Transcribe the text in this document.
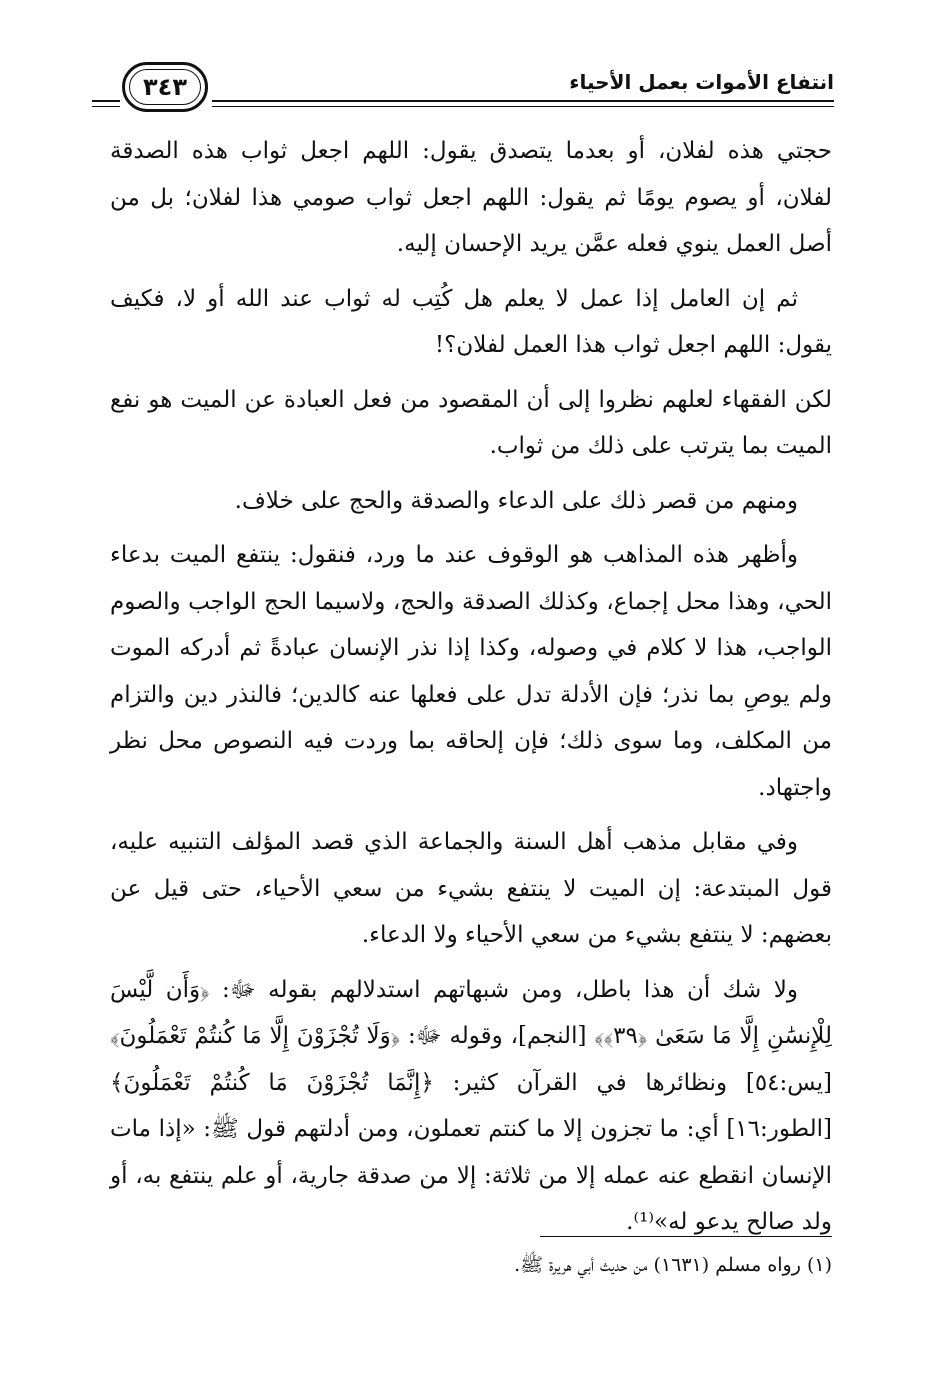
انتفاع الأموات بعمل الأحياء
٣٤٣

حجتي هذه لفلان، أو بعدما يتصدق يقول: اللهم اجعل ثواب هذه الصدقة لفلان، أو يصوم يومًا ثم يقول: اللهم اجعل ثواب صومي هذا لفلان؛ بل من أصل العمل ينوي فعله عمَّن يريد الإحسان إليه.

ثم إن العامل إذا عمل لا يعلم هل كُتِب له ثواب عند الله أو لا، فكيف يقول: اللهم اجعل ثواب هذا العمل لفلان؟!

لكن الفقهاء لعلهم نظروا إلى أن المقصود من فعل العبادة عن الميت هو نفع الميت بما يترتب على ذلك من ثواب.

ومنهم من قصر ذلك على الدعاء والصدقة والحج على خلاف.

وأظهر هذه المذاهب هو الوقوف عند ما ورد، فنقول: ينتفع الميت بدعاء الحي، وهذا محل إجماع، وكذلك الصدقة والحج، ولاسيما الحج الواجب والصوم الواجب، هذا لا كلام في وصوله، وكذا إذا نذر الإنسان عبادةً ثم أدركه الموت ولم يوصِ بما نذر؛ فإن الأدلة تدل على فعلها عنه كالدين؛ فالنذر دين والتزام من المكلف، وما سوى ذلك؛ فإن إلحاقه بما وردت فيه النصوص محل نظر واجتهاد.

وفي مقابل مذهب أهل السنة والجماعة الذي قصد المؤلف التنبيه عليه، قول المبتدعة: إن الميت لا ينتفع بشيء من سعي الأحياء، حتى قيل عن بعضهم: لا ينتفع بشيء من سعي الأحياء ولا الدعاء.

ولا شك أن هذا باطل، ومن شبهاتهم استدلالهم بقوله ﷻ: ﴿وَأَن لَّيْسَ لِلْإِنسَٰنِ إِلَّا مَا سَعَىٰ ﴿٣٩﴾﴾ [النجم]، وقوله ﷻ: ﴿وَلَا تُجْزَوْنَ إِلَّا مَا كُنتُمْ تَعْمَلُونَ﴾ [يس:٥٤] ونظائرها في القرآن كثير: ﴿إِنَّمَا تُجْزَوْنَ مَا كُنتُمْ تَعْمَلُونَ﴾ [الطور:١٦] أي: ما تجزون إلا ما كنتم تعملون، ومن أدلتهم قول ﷺ: «إذا مات الإنسان انقطع عنه عمله إلا من ثلاثة: إلا من صدقة جارية، أو علم ينتفع به، أو ولد صالح يدعو له»⁽¹⁾.

(١) رواه مسلم (١٦٣١) من حديث أبي هريرة ﷺ.
